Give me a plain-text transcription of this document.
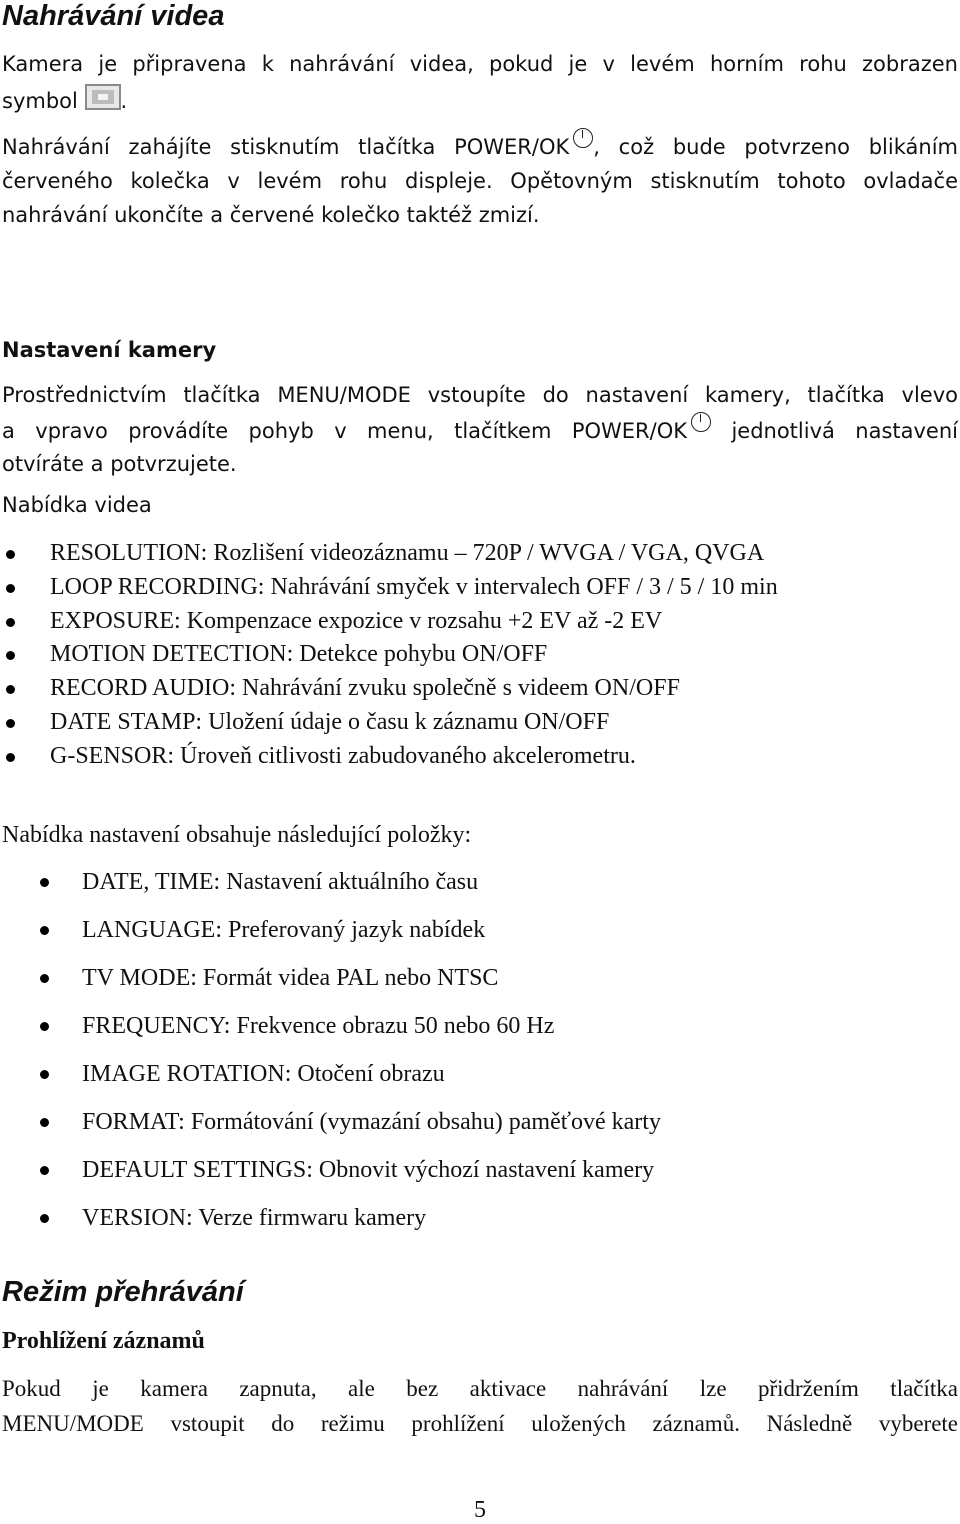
Nahrávání videa
Kamera je připravena k nahrávání videa, pokud je v levém horním rohu zobrazen
symbol .
Nahrávání zahájíte stisknutím tlačítka POWER/OK , což bude potvrzeno blikáním
červeného kolečka v levém rohu displeje. Opětovným stisknutím tohoto ovladače
nahrávání ukončíte a červené kolečko taktéž zmizí.
Nastavení kamery
Prostřednictvím tlačítka MENU/MODE vstoupíte do nastavení kamery, tlačítka vlevo
a vpravo provádíte pohyb v menu, tlačítkem POWER/OK jednotlivá nastavení
otvíráte a potvrzujete.
Nabídka videa
RESOLUTION: Rozlišení videozáznamu – 720P / WVGA / VGA, QVGA
LOOP RECORDING: Nahrávání smyček v intervalech OFF / 3 / 5 / 10 min
EXPOSURE: Kompenzace expozice v rozsahu +2 EV až -2 EV
MOTION DETECTION: Detekce pohybu ON/OFF
RECORD AUDIO: Nahrávání zvuku společně s videem ON/OFF
DATE STAMP: Uložení údaje o času k záznamu ON/OFF
G-SENSOR: Úroveň citlivosti zabudovaného akcelerometru.
Nabídka nastavení obsahuje následující položky:
DATE, TIME: Nastavení aktuálního času
LANGUAGE: Preferovaný jazyk nabídek
TV MODE: Formát videa PAL nebo NTSC
FREQUENCY: Frekvence obrazu 50 nebo 60 Hz
IMAGE ROTATION: Otočení obrazu
FORMAT: Formátování (vymazání obsahu) paměťové karty
DEFAULT SETTINGS: Obnovit výchozí nastavení kamery
VERSION: Verze firmwaru kamery
Režim přehrávání
Prohlížení záznamů
Pokud je kamera zapnuta, ale bez aktivace nahrávání lze přidržením tlačítka
MENU/MODE vstoupit do režimu prohlížení uložených záznamů. Následně vyberete
5
